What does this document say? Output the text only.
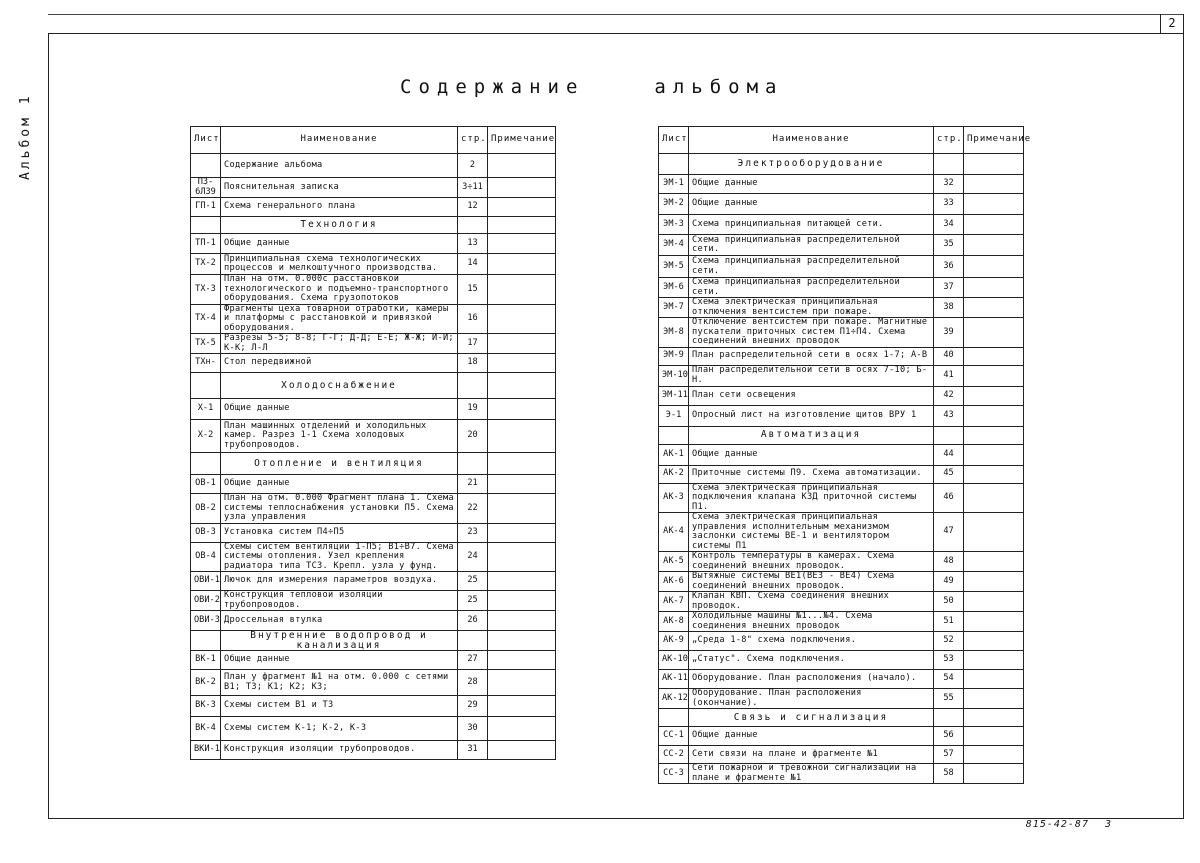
2
Альбом 1
Содержание	альбома
Лист	Наименование	стр.	Примечание
	Содержание альбома	2	
П3-6Л39	Пояснительная записка	3÷11	
ГП-1	Схема генерального плана	12	
	Технология		
ТП-1	Общие данные	13	
ТХ-2	Принципиальная схема технологических процессов и мелкоштучного производства.	14	
ТХ-3	План на отм. 0.000с расстановкой технологического и подъемно-транспортного оборудования. Схема грузопотоков	15	
ТХ-4	Фрагменты цеха товарной отработки, камеры и платформы с расстановкой и привязкой оборудования.	16	
ТХ-5	Разрезы 5-5; 8-8; Г-Г; Д-Д; Е-Е; Ж-Ж; И-И; К-К; Л-Л	17	
ТХн-	Стол передвижной	18	
	Холодоснабжение		
Х-1	Общие данные	19	
Х-2	План машинных отделений и холодильных камер. Разрез 1-1 Схема холодовых трубопроводов.	20	
	Отопление и вентиляция		
ОВ-1	Общие данные	21	
ОВ-2	План на отм. 0.000 Фрагмент плана 1. Схема системы теплоснабжения установки П5. Схема узла управления	22	
ОВ-3	Установка систем П4÷П5	23	
ОВ-4	Схемы систем вентиляции 1-П5; В1÷В7. Схема системы отопления. Узел крепления радиатора типа ТСЗ. Крепл. узла у фунд.	24	
ОВИ-1	Лючок для измерения параметров воздуха.	25	
ОВИ-2	Конструкция тепловой изоляции трубопроводов.	25	
ОВИ-3	Дроссельная втулка	26	
	Внутренние водопровод и канализация		
ВК-1	Общие данные	27	
ВК-2	План у фрагмент №1 на отм. 0.000 с сетями В1; Т3; К1; К2; К3;	28	
ВК-3	Схемы систем В1 и Т3	29	
ВК-4	Схемы систем К-1; К-2, К-3	30	
ВКИ-1	Конструкция изоляции трубопроводов.	31	
Лист	Наименование	стр.	Примечание
	Электрооборудование		
ЭМ-1	Общие данные	32	
ЭМ-2	Общие данные	33	
ЭМ-3	Схема принципиальная питающей сети.	34	
ЭМ-4	Схема принципиальная распределительной сети.	35	
ЭМ-5	Схема принципиальная распределительной сети.	36	
ЭМ-6	Схема принципиальная распределительной сети.	37	
ЭМ-7	Схема электрическая принципиальная отключения вентсистем при пожаре.	38	
ЭМ-8	Отключение вентсистем при пожаре. Магнитные пускатели приточных систем П1÷П4. Схема соединений внешних проводок	39	
ЭМ-9	План распределительной сети в осях 1-7; А-В	40	
ЭМ-10	План распределительной сети в осях 7-10; Б-Н.	41	
ЭМ-11	План сети освещения	42	
Э-1	Опросный лист на изготовление щитов ВРУ 1	43	
	Автоматизация		
АК-1	Общие данные	44	
АК-2	Приточные системы П9. Схема автоматизации.	45	
АК-3	Схема электрическая принципиальная подключения клапана КЗД приточной системы П1.	46	
АК-4	Схема электрическая принципиальная управления исполнительным механизмом заслонки системы ВЕ-1 и вентилятором системы П1	47	
АК-5	Контроль температуры в камерах. Схема соединений внешних проводок.	48	
АК-6	Вытяжные системы ВЕ1(ВЕ3 - ВЕ4) Схема соединений внешних проводок.	49	
АК-7	Клапан КВП. Схема соединения внешних проводок.	50	
АК-8	Холодильные машины №1...№4. Схема соединения внешних проводок	51	
АК-9	„Среда 1-8" схема подключения.	52	
АК-10	„Статус". Схема подключения.	53	
АК-11	Оборудование. План расположения (начало).	54	
АК-12	Оборудование. План расположения (окончание).	55	
	Связь и сигнализация		
СС-1	Общие данные	56	
СС-2	Сети связи на плане и фрагменте №1	57	
СС-3	Сети пожарной и тревожной сигнализации на плане и фрагменте №1	58	
815-42-87 3
